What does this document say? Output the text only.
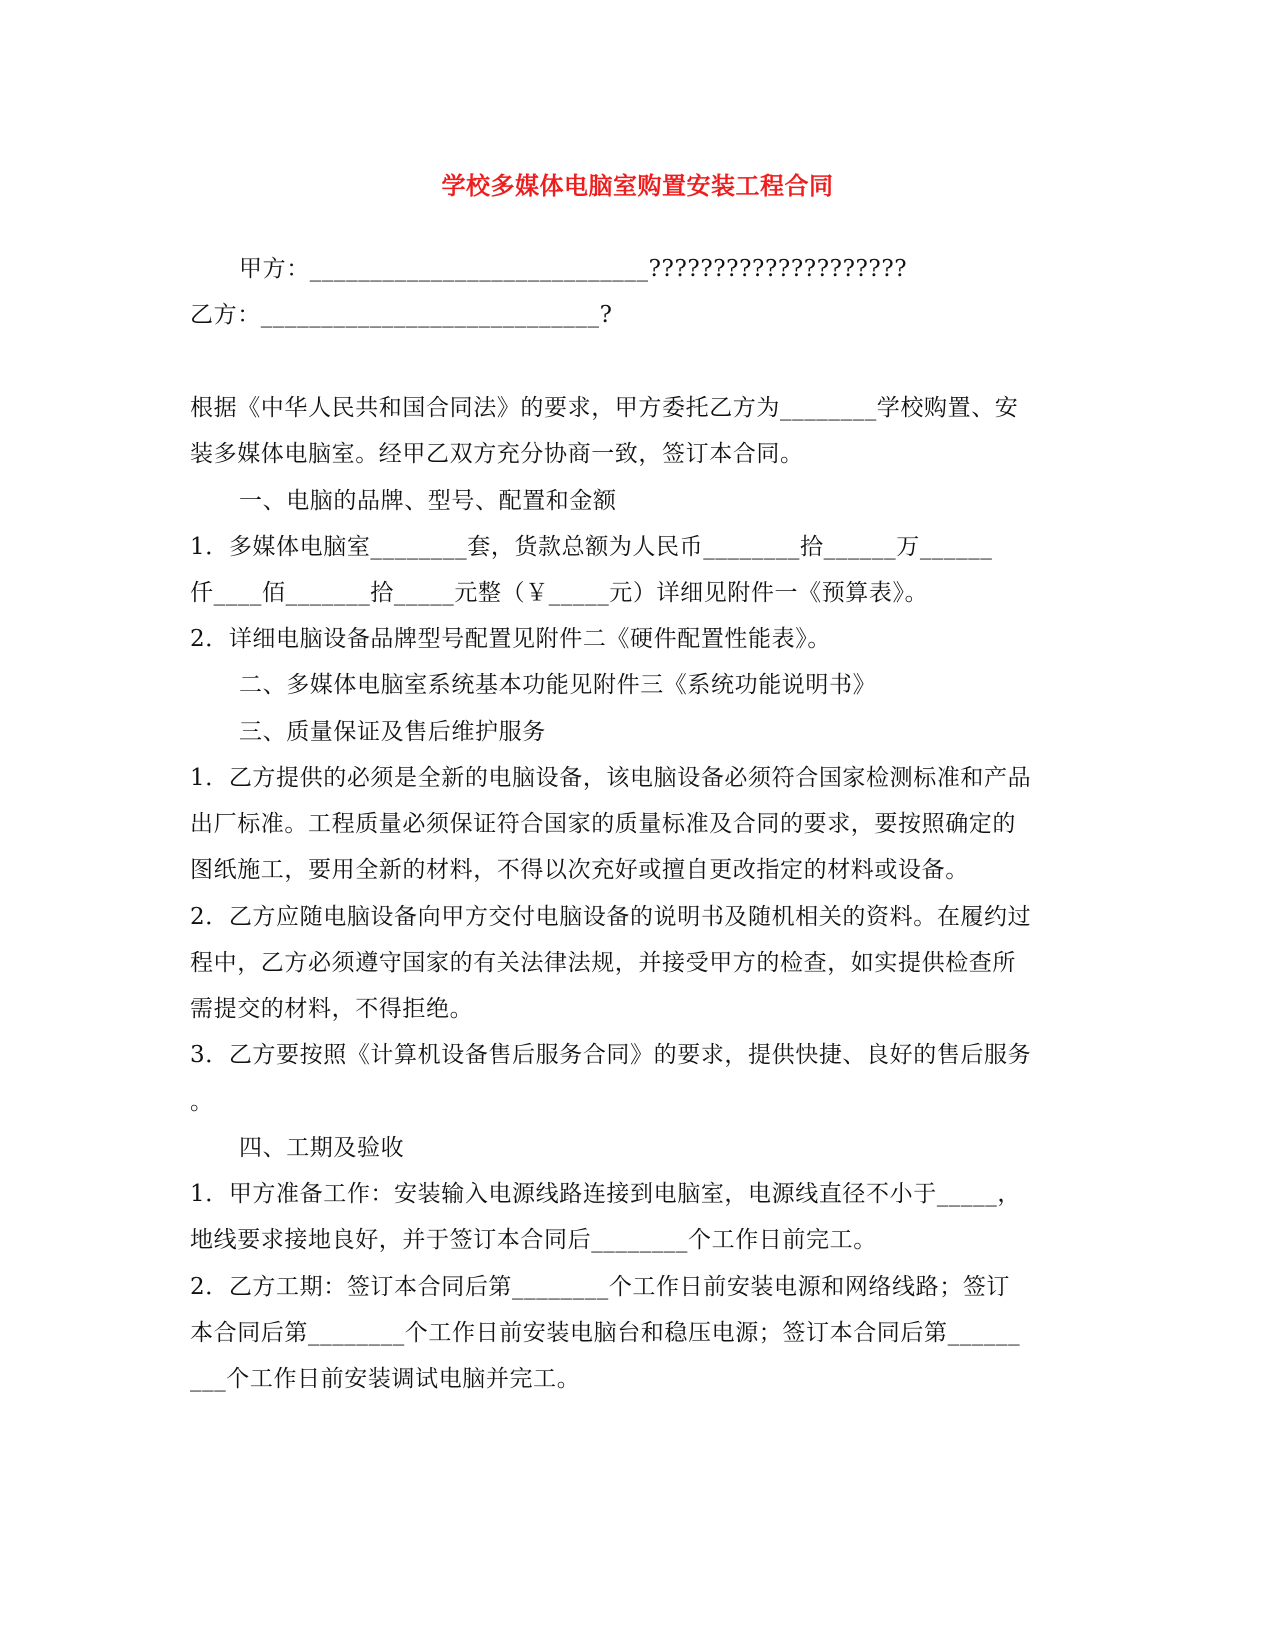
学校多媒体电脑室购置安装工程合同
甲方：____________________________????????????????????
乙方：____________________________?
根据《中华人民共和国合同法》的要求，甲方委托乙方为________学校购置、安
装多媒体电脑室。经甲乙双方充分协商一致，签订本合同。
一、电脑的品牌、型号、配置和金额
1．多媒体电脑室________套，货款总额为人民币________拾______万______
仟____佰_______拾_____元整（￥_____元）详细见附件一《预算表》。
2．详细电脑设备品牌型号配置见附件二《硬件配置性能表》。
二、多媒体电脑室系统基本功能见附件三《系统功能说明书》
三、质量保证及售后维护服务
1．乙方提供的必须是全新的电脑设备，该电脑设备必须符合国家检测标准和产品
出厂标准。工程质量必须保证符合国家的质量标准及合同的要求，要按照确定的
图纸施工，要用全新的材料，不得以次充好或擅自更改指定的材料或设备。
2．乙方应随电脑设备向甲方交付电脑设备的说明书及随机相关的资料。在履约过
程中，乙方必须遵守国家的有关法律法规，并接受甲方的检查，如实提供检查所
需提交的材料，不得拒绝。
3．乙方要按照《计算机设备售后服务合同》的要求，提供快捷、良好的售后服务
。
四、工期及验收
1．甲方准备工作：安装输入电源线路连接到电脑室，电源线直径不小于_____，
地线要求接地良好，并于签订本合同后________个工作日前完工。
2．乙方工期：签订本合同后第________个工作日前安装电源和网络线路；签订
本合同后第________个工作日前安装电脑台和稳压电源；签订本合同后第______
___个工作日前安装调试电脑并完工。
